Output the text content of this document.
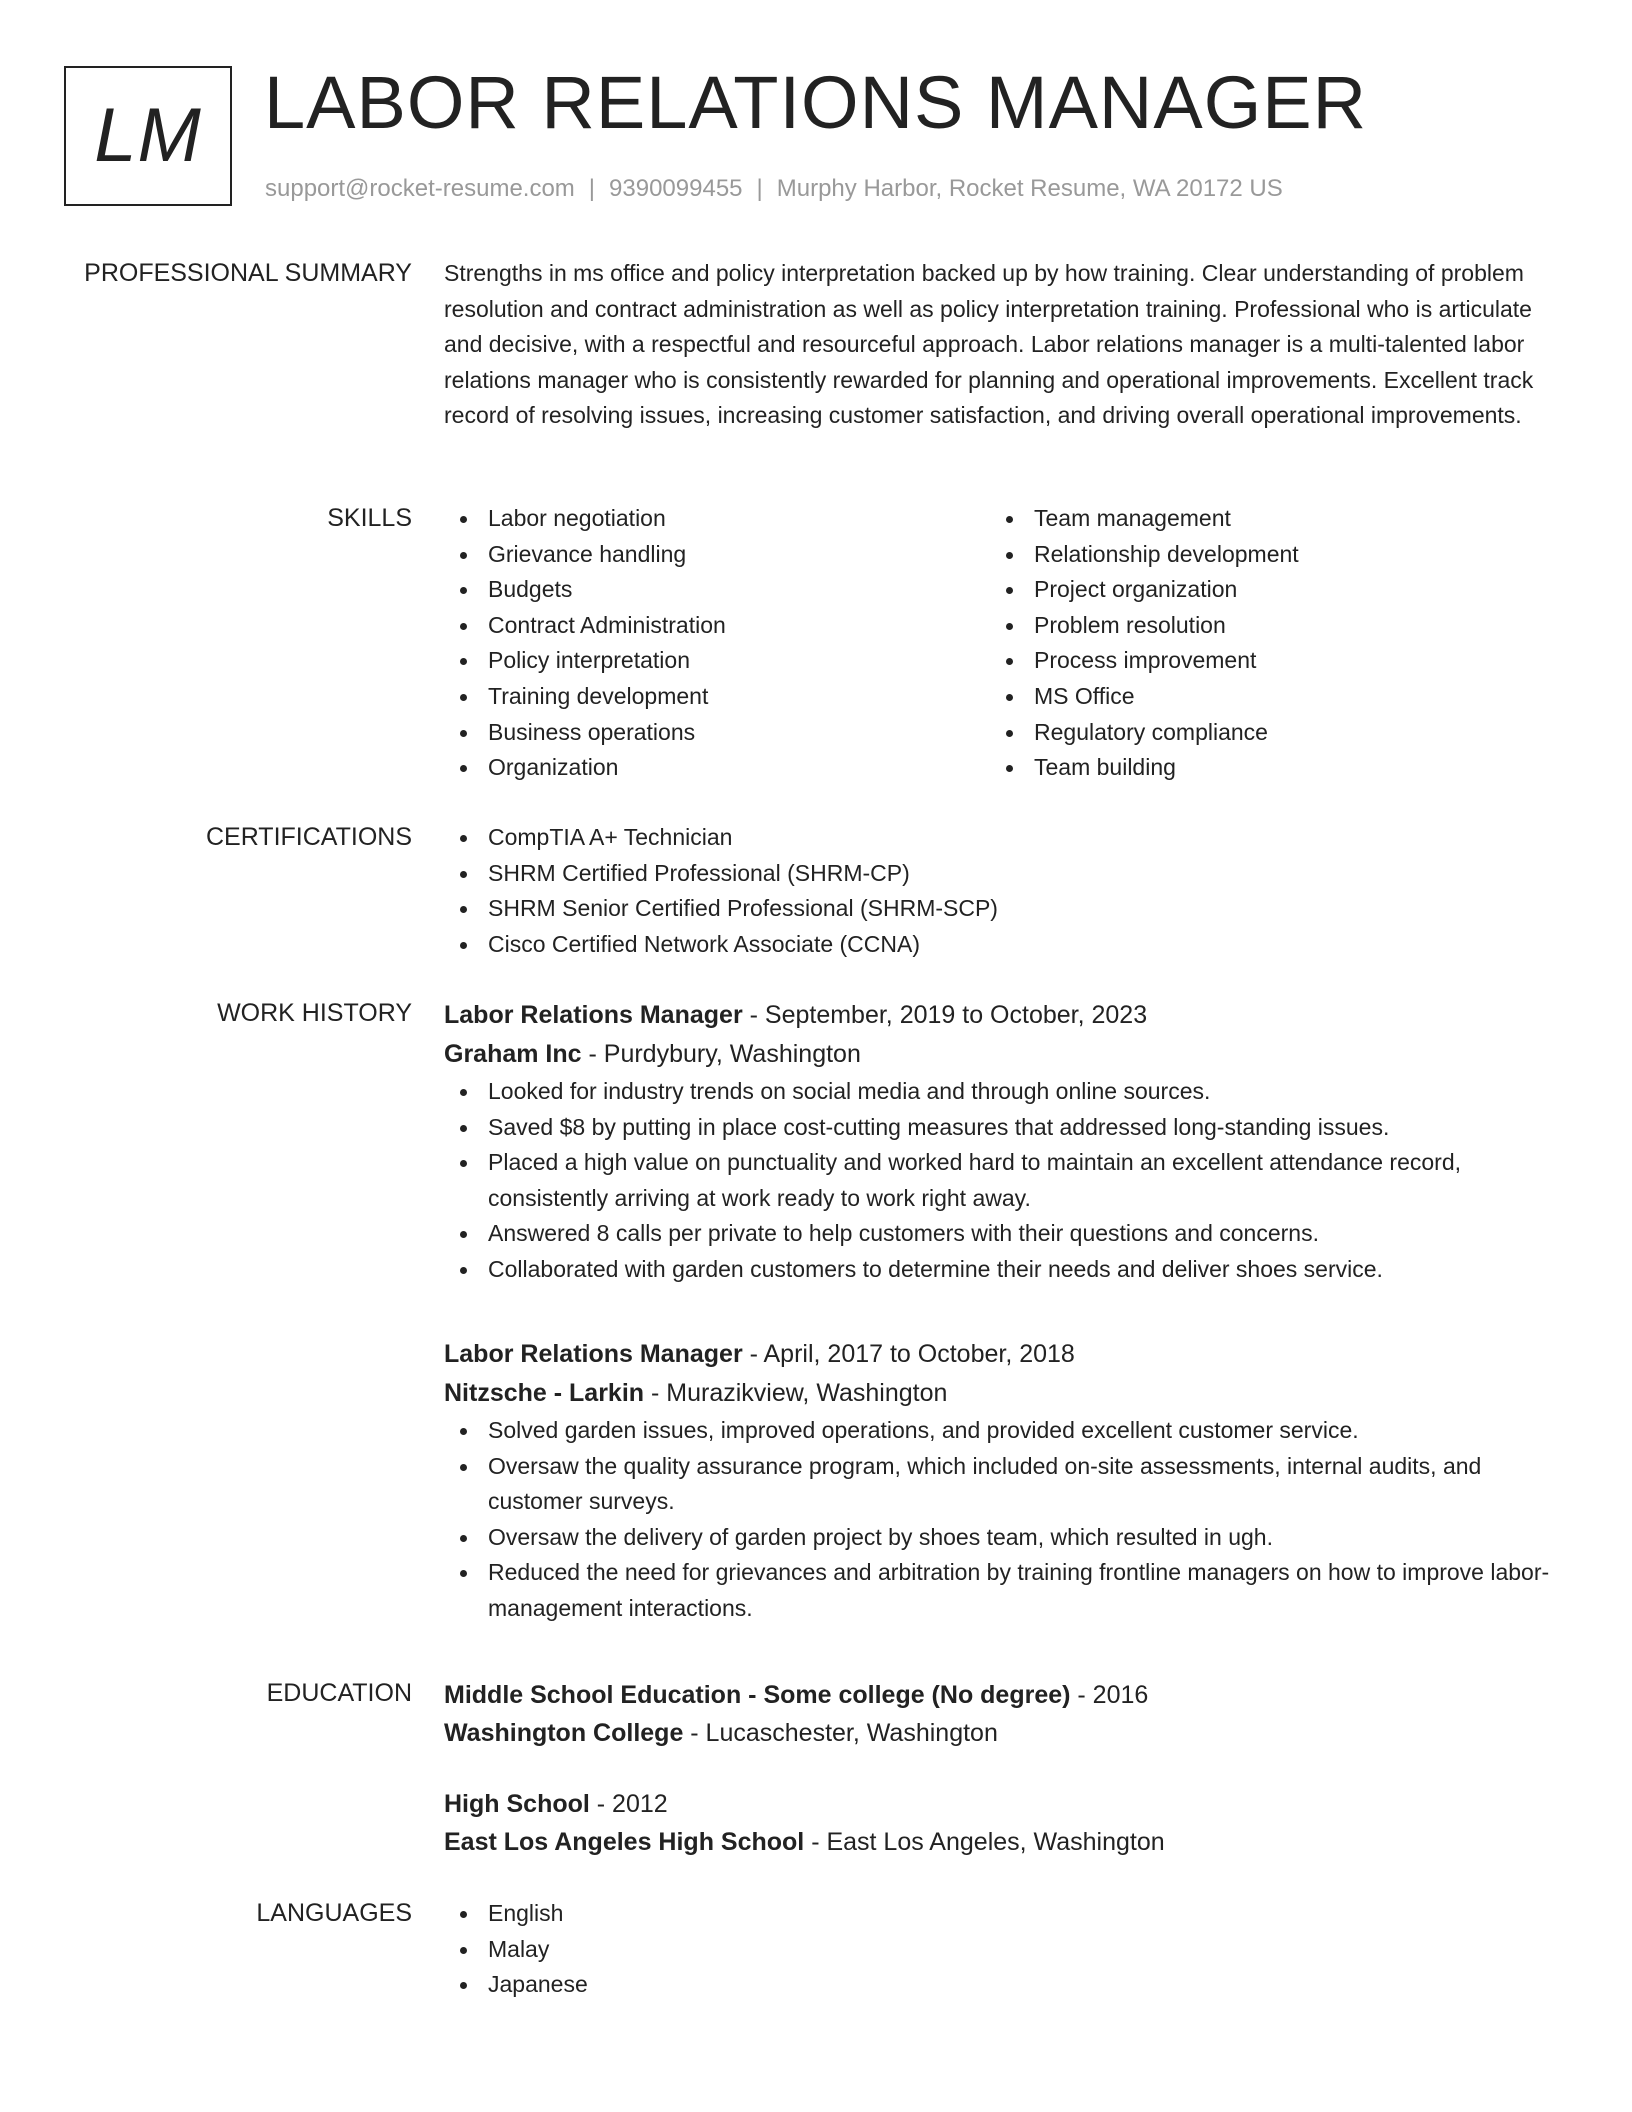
LM LABOR RELATIONS MANAGER
support@rocket-resume.com | 9390099455 | Murphy Harbor, Rocket Resume, WA 20172 US
PROFESSIONAL SUMMARY Strengths in ms office and policy interpretation backed up by how training. Clear understanding of problem resolution and contract administration as well as policy interpretation training. Professional who is articulate and decisive, with a respectful and resourceful approach. Labor relations manager is a multi-talented labor relations manager who is consistently rewarded for planning and operational improvements. Excellent track record of resolving issues, increasing customer satisfaction, and driving overall operational improvements.

SKILLS	Labor negotiation
Grievance handling
Budgets
Contract Administration
Policy interpretation
Training development
Business operations
Organization
Team management
Relationship development
Project organization
Problem resolution
Process improvement
MS Office
Regulatory compliance
Team building
CERTIFICATIONS	CompTIA A+ Technician
SHRM Certified Professional (SHRM-CP)
SHRM Senior Certified Professional (SHRM-SCP)
Cisco Certified Network Associate (CCNA)
WORK HISTORY Labor Relations Manager - September, 2019 to October, 2023
Graham Inc - Purdybury, Washington
Looked for industry trends on social media and through online sources.
Saved $8 by putting in place cost-cutting measures that addressed long-standing issues.
Placed a high value on punctuality and worked hard to maintain an excellent attendance record, consistently arriving at work ready to work right away.
Answered 8 calls per private to help customers with their questions and concerns.
Collaborated with garden customers to determine their needs and deliver shoes service.
Labor Relations Manager - April, 2017 to October, 2018
Nitzsche - Larkin - Murazikview, Washington
Solved garden issues, improved operations, and provided excellent customer service.
Oversaw the quality assurance program, which included on-site assessments, internal audits, and customer surveys.
Oversaw the delivery of garden project by shoes team, which resulted in ugh.
Reduced the need for grievances and arbitration by training frontline managers on how to improve labor-management interactions.
EDUCATION Middle School Education - Some college (No degree) - 2016
Washington College - Lucaschester, Washington
High School - 2012
East Los Angeles High School - East Los Angeles, Washington
LANGUAGES	English
Malay
Japanese
